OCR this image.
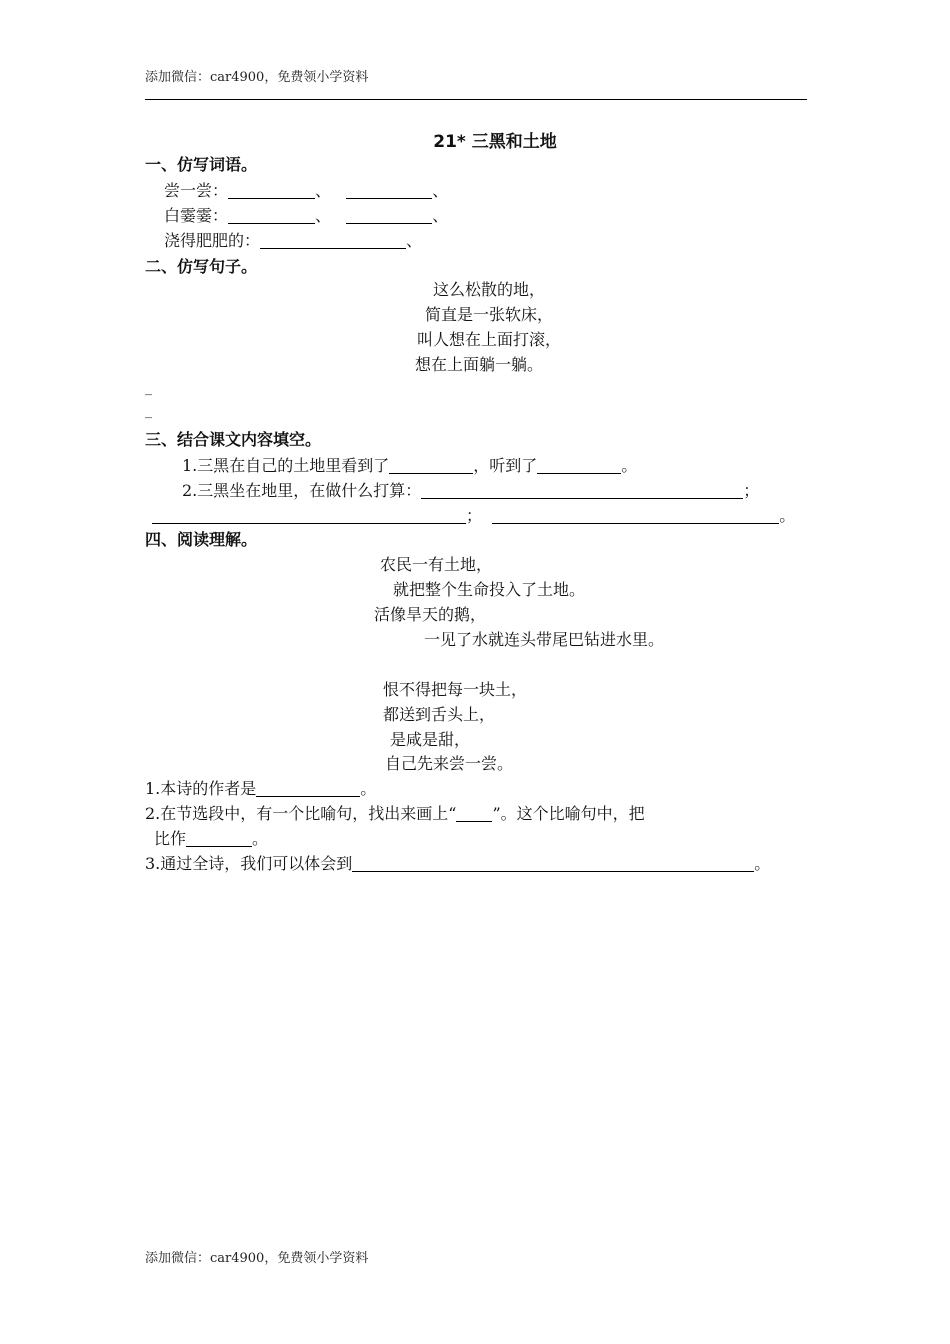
添加微信：car4900，免费领小学资料
21* 三黑和土地
一、仿写词语。
尝一尝：	、	、
白霎霎：	、	、
浇得肥肥的：	、
二、仿写句子。
这么松散的地，
简直是一张软床，
叫人想在上面打滚，
想在上面躺一躺。
_
_
三、结合课文内容填空。
1.三黑在自己的土地里看到了	，听到了	。
2.三黑坐在地里，在做什么打算：	；
；	。
四、阅读理解。
农民一有土地，
就把整个生命投入了土地。
活像旱天的鹅，
一见了水就连头带尾巴钻进水里。
恨不得把每一块土，
都送到舌头上，
是咸是甜，
自己先来尝一尝。
1.本诗的作者是	。
2.在节选段中，有一个比喻句，找出来画上“ ”。这个比喻句中，把
比作	。
3.通过全诗，我们可以体会到	。
添加微信：car4900，免费领小学资料
